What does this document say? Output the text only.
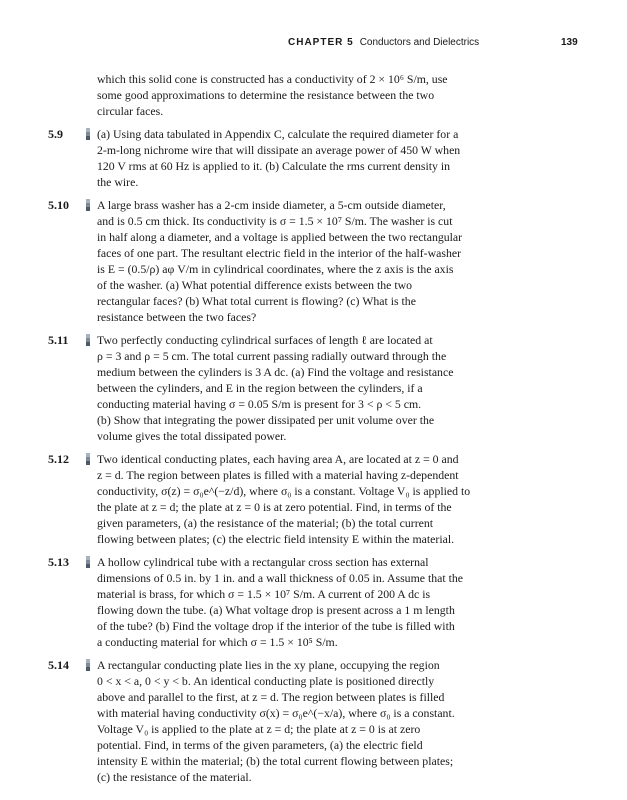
CHAPTER 5 Conductors and Dielectrics	139
which this solid cone is constructed has a conductivity of 2 × 10⁶ S/m, use
some good approximations to determine the resistance between the two
circular faces.
5.9	(a) Using data tabulated in Appendix C, calculate the required diameter for a
2-m-long nichrome wire that will dissipate an average power of 450 W when
120 V rms at 60 Hz is applied to it. (b) Calculate the rms current density in
the wire.
5.10	A large brass washer has a 2-cm inside diameter, a 5-cm outside diameter,
and is 0.5 cm thick. Its conductivity is σ = 1.5 × 10⁷ S/m. The washer is cut
in half along a diameter, and a voltage is applied between the two rectangular
faces of one part. The resultant electric field in the interior of the half-washer
is E = (0.5/ρ) aφ V/m in cylindrical coordinates, where the z axis is the axis
of the washer. (a) What potential difference exists between the two
rectangular faces? (b) What total current is flowing? (c) What is the
resistance between the two faces?
5.11	Two perfectly conducting cylindrical surfaces of length ℓ are located at
ρ = 3 and ρ = 5 cm. The total current passing radially outward through the
medium between the cylinders is 3 A dc. (a) Find the voltage and resistance
between the cylinders, and E in the region between the cylinders, if a
conducting material having σ = 0.05 S/m is present for 3 < ρ < 5 cm.
(b) Show that integrating the power dissipated per unit volume over the
volume gives the total dissipated power.
5.12	Two identical conducting plates, each having area A, are located at z = 0 and
z = d. The region between plates is filled with a material having z-dependent
conductivity, σ(z) = σ₀e^(−z/d), where σ₀ is a constant. Voltage V₀ is applied to
the plate at z = d; the plate at z = 0 is at zero potential. Find, in terms of the
given parameters, (a) the resistance of the material; (b) the total current
flowing between plates; (c) the electric field intensity E within the material.
5.13	A hollow cylindrical tube with a rectangular cross section has external
dimensions of 0.5 in. by 1 in. and a wall thickness of 0.05 in. Assume that the
material is brass, for which σ = 1.5 × 10⁷ S/m. A current of 200 A dc is
flowing down the tube. (a) What voltage drop is present across a 1 m length
of the tube? (b) Find the voltage drop if the interior of the tube is filled with
a conducting material for which σ = 1.5 × 10⁵ S/m.
5.14	A rectangular conducting plate lies in the xy plane, occupying the region
0 < x < a, 0 < y < b. An identical conducting plate is positioned directly
above and parallel to the first, at z = d. The region between plates is filled
with material having conductivity σ(x) = σ₀e^(−x/a), where σ₀ is a constant.
Voltage V₀ is applied to the plate at z = d; the plate at z = 0 is at zero
potential. Find, in terms of the given parameters, (a) the electric field
intensity E within the material; (b) the total current flowing between plates;
(c) the resistance of the material.
